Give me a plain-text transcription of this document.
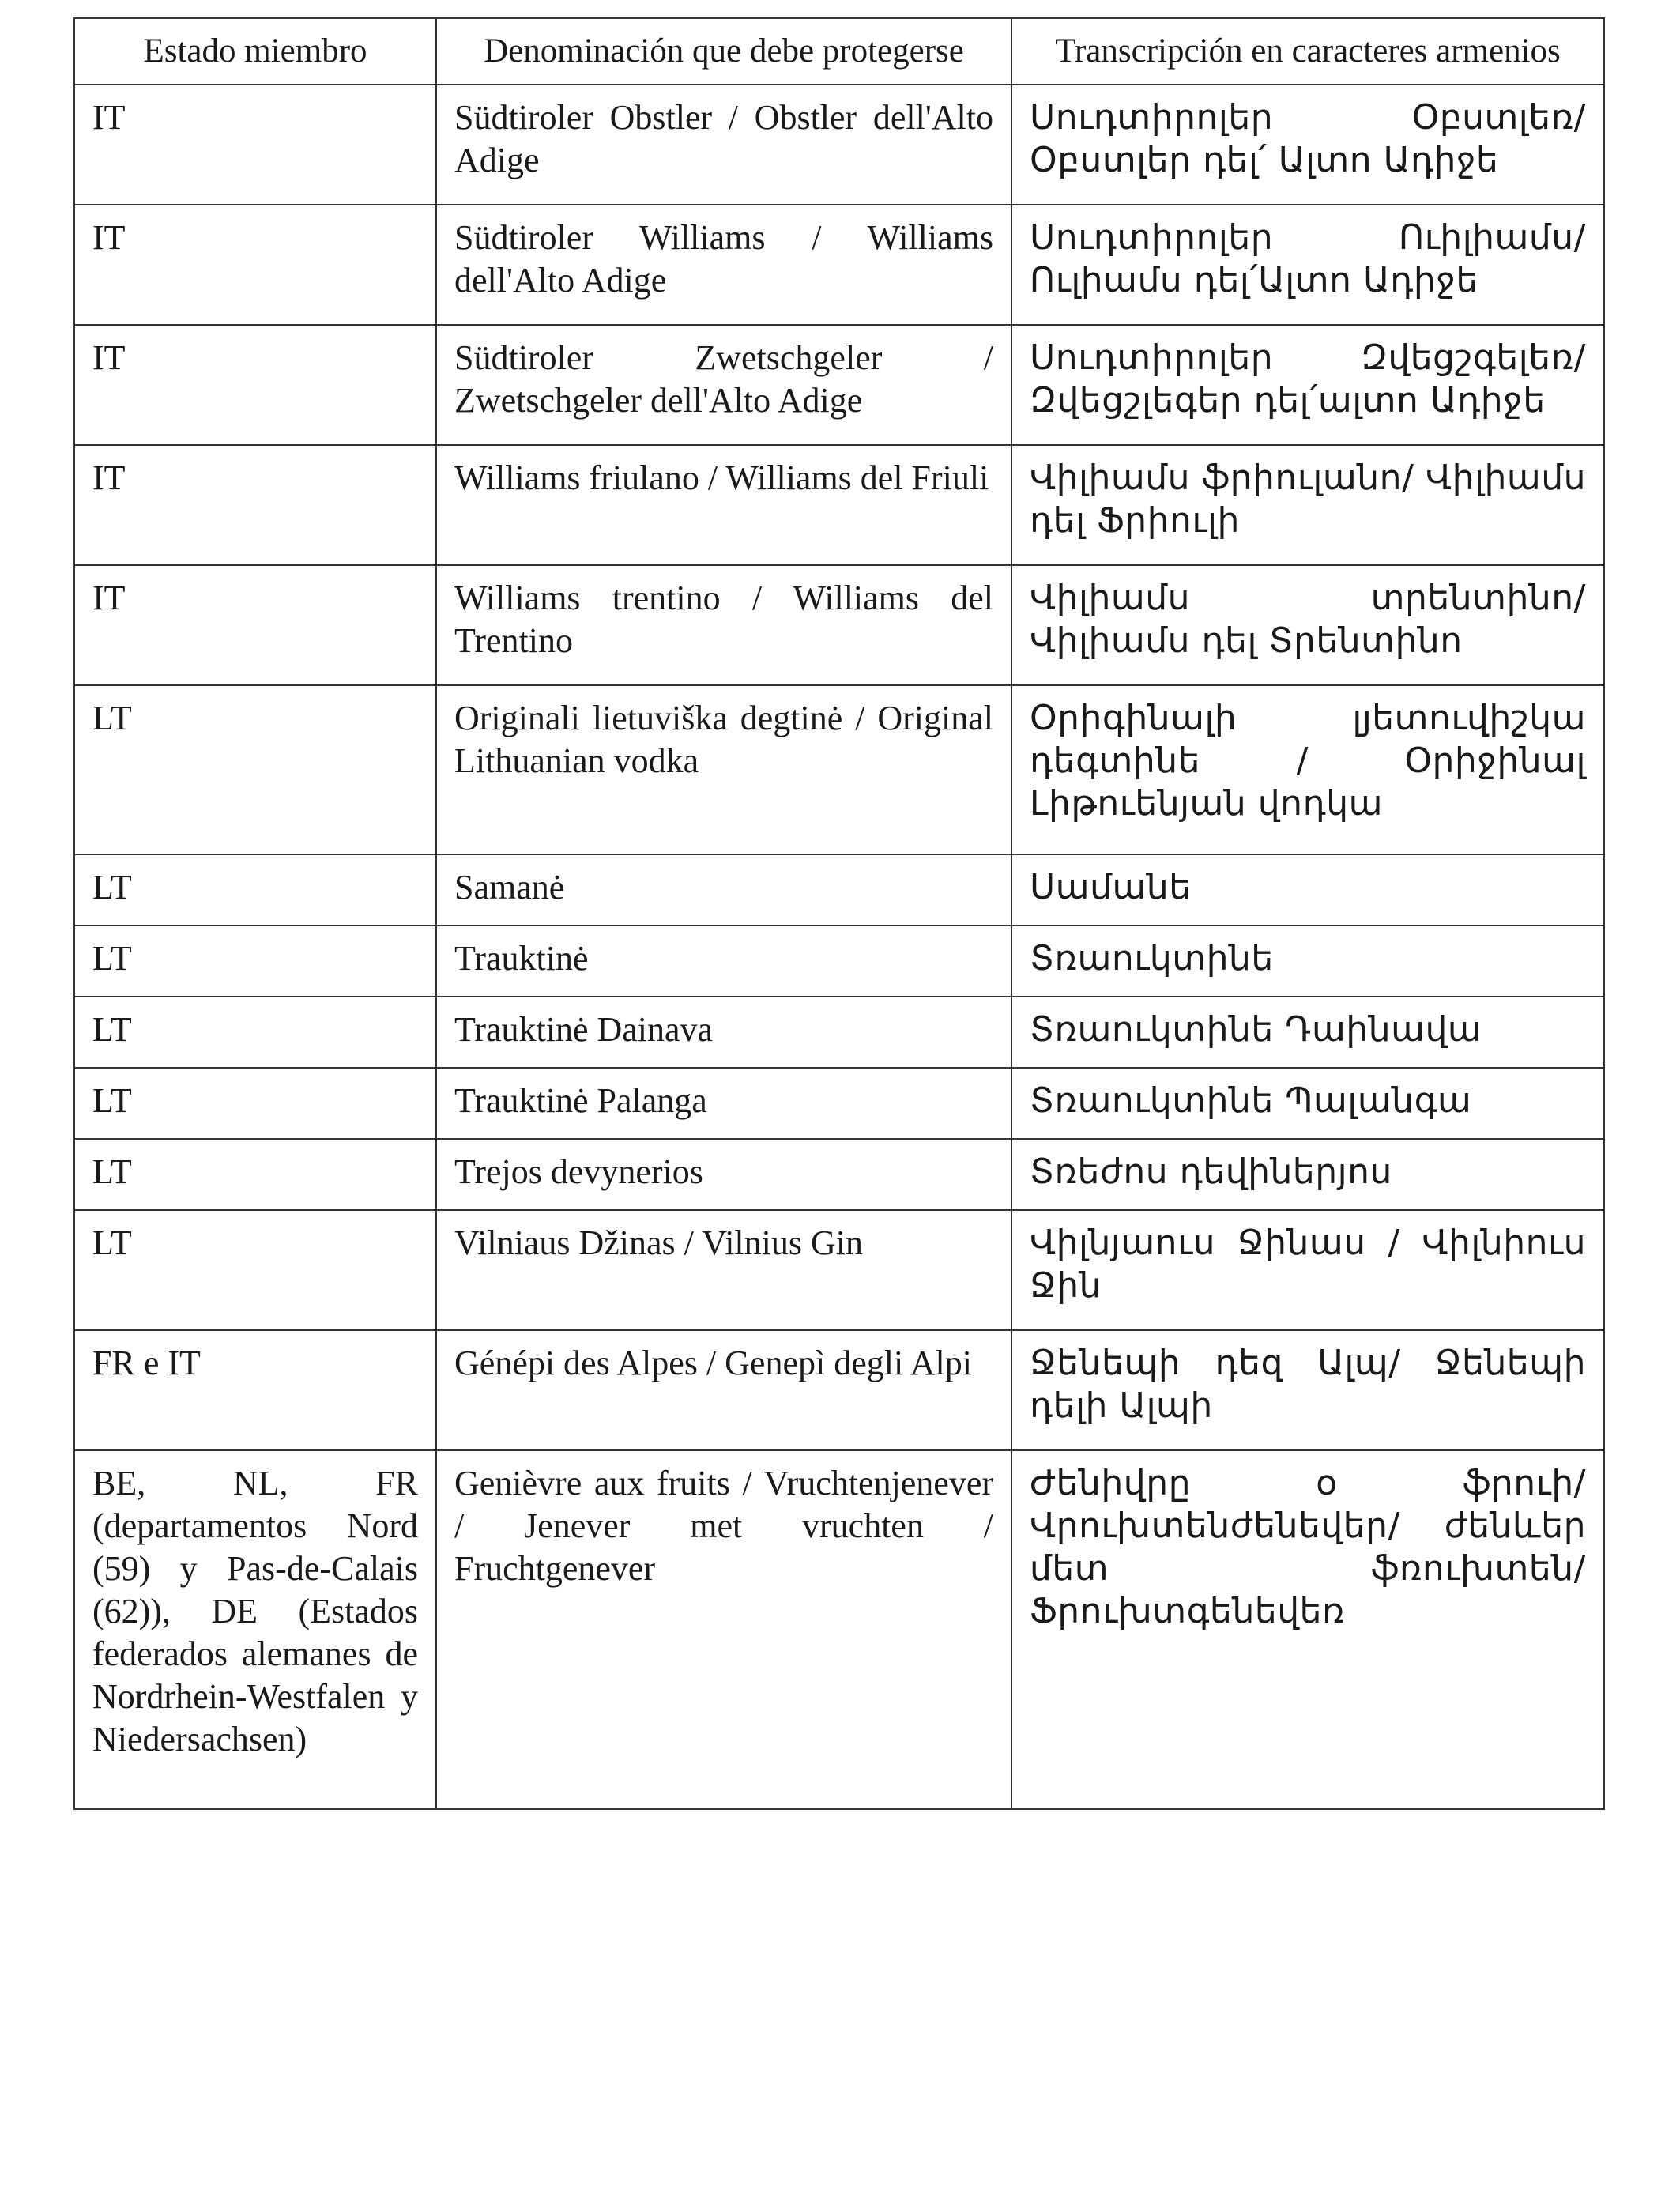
Estado miembro	Denominación que debe protegerse	Transcripción en caracteres armenios
IT	Südtiroler Obstler / Obstler dell'Alto Adige	Սուդտիրոլեր Օբստլեռ/ Օբստլեր դել՛ Ալտո Ադիջե
IT	Südtiroler Williams / Williams dell'Alto Adige	Սուդտիրոլեր Ուիլիամս/ Ուլիամս դել՛Ալտո Ադիջե
IT	Südtiroler Zwetschgeler / Zwetschgeler dell'Alto Adige	Սուդտիրոլեր Զվեցշգելեռ/ Զվեցշլեգեր դել՛ալտո Ադիջե
IT	Williams friulano / Williams del Friuli	Վիլիամս ֆրիուլանո/ Վիլիամս դել Ֆրիուլի
IT	Williams trentino / Williams del Trentino	Վիլիամս տրենտինո/ Վիլիամս դել Տրենտինո
LT	Originali lietuviška degtinė / Original Lithuanian vodka	Օրիգինալի լյետուվիշկա դեգտինե / Օրիջինալ Լիթուենյան վոդկա
LT	Samanė	Սամանե
LT	Trauktinė	Տռաուկտինե
LT	Trauktinė Dainava	Տռաուկտինե Դաինավա
LT	Trauktinė Palanga	Տռաուկտինե Պալանգա
LT	Trejos devynerios	Տռեժոս դեվիներյոս
LT	Vilniaus Džinas / Vilnius Gin	Վիլնյաուս Ջինաս / Վիլնիուս Ջին
FR e IT	Génépi des Alpes / Genepì degli Alpi	Ջենեպի դեզ Ալպ/ Ջենեպի դելի Ալպի
BE, NL, FR (departamentos Nord (59) y Pas-de-Calais (62)), DE (Estados federados alemanes de Nordrhein-Westfalen y Niedersachsen)	Genièvre aux fruits / Vruchtenjenever / Jenever met vruchten / Fruchtgenever	Ժենիվրը օ ֆրուի/ Վրուխտենժենեվեր/ ժենևեր մետ ֆռուխտեն/ Ֆրուխտգենեվեռ
